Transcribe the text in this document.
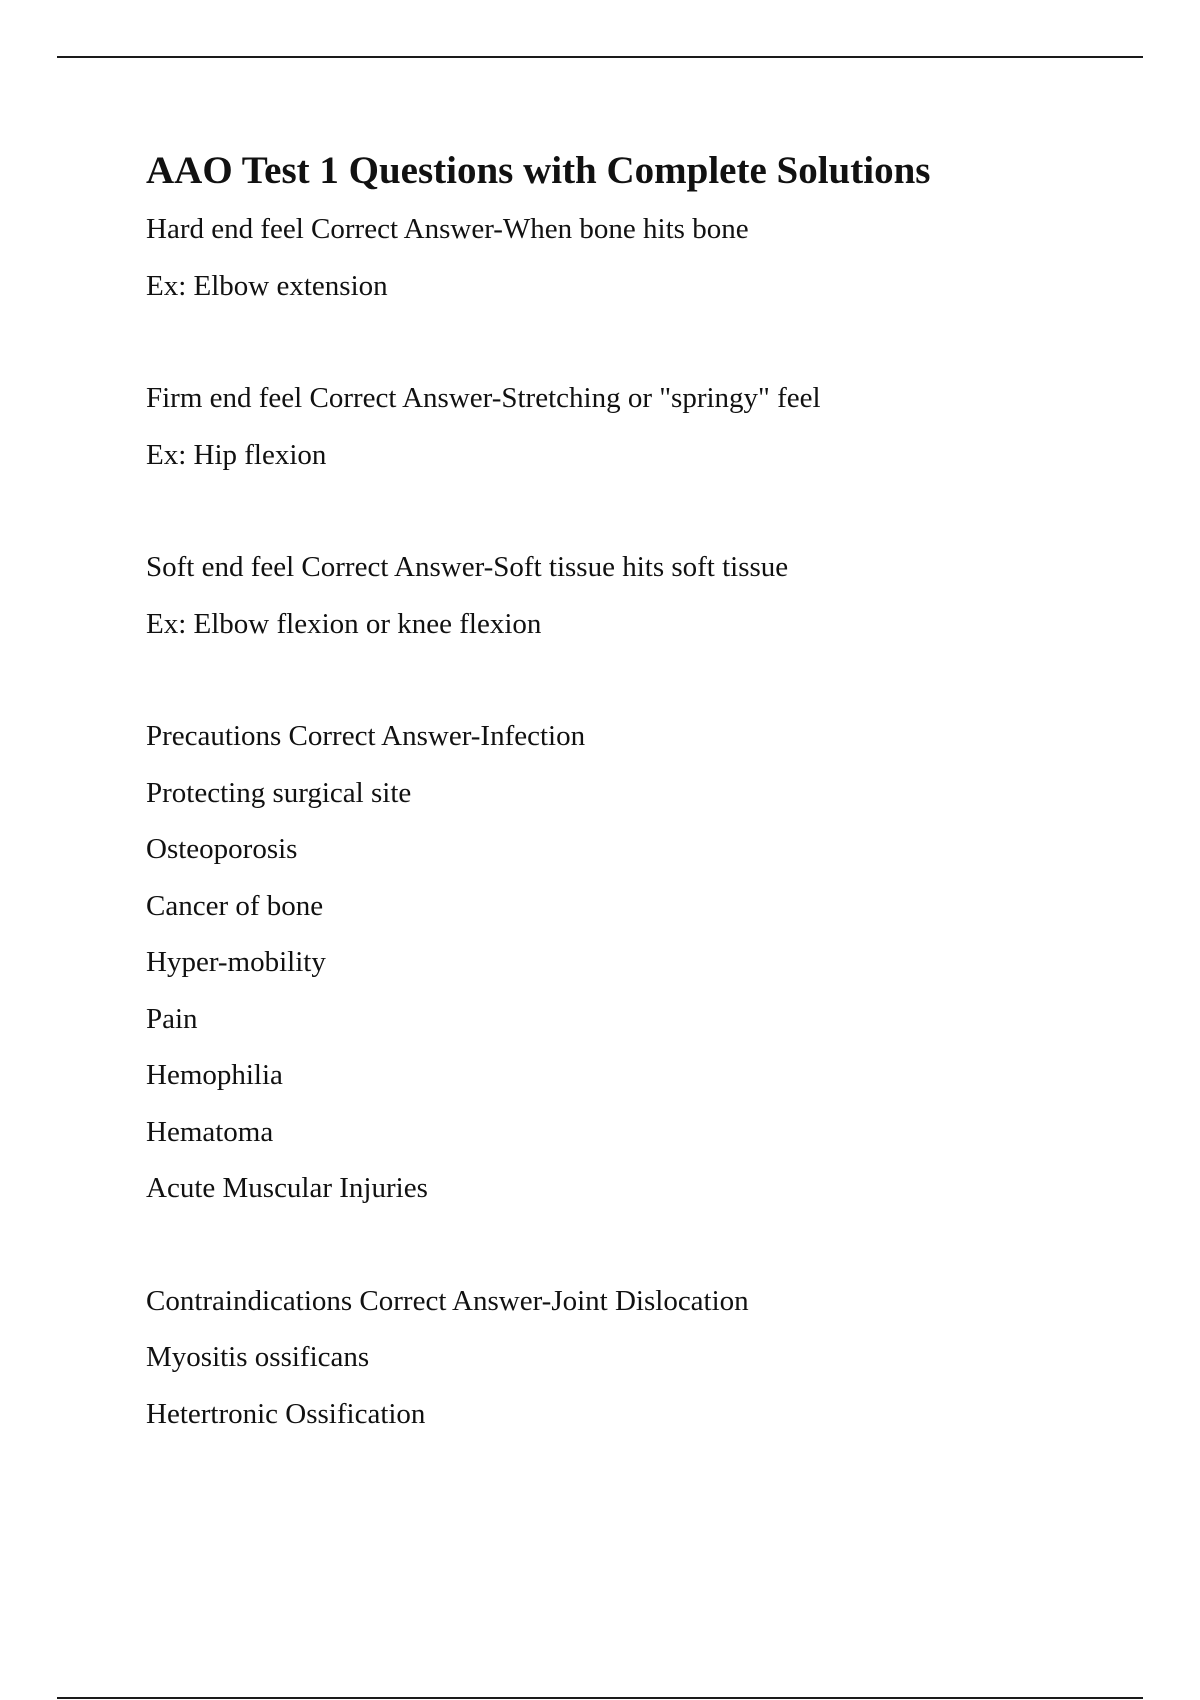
AAO Test 1 Questions with Complete Solutions
Hard end feel Correct Answer-When bone hits bone
Ex: Elbow extension
Firm end feel Correct Answer-Stretching or "springy" feel
Ex: Hip flexion
Soft end feel Correct Answer-Soft tissue hits soft tissue
Ex: Elbow flexion or knee flexion
Precautions Correct Answer-Infection
Protecting surgical site
Osteoporosis
Cancer of bone
Hyper-mobility
Pain
Hemophilia
Hematoma
Acute Muscular Injuries
Contraindications Correct Answer-Joint Dislocation
Myositis ossificans
Hetertronic Ossification
